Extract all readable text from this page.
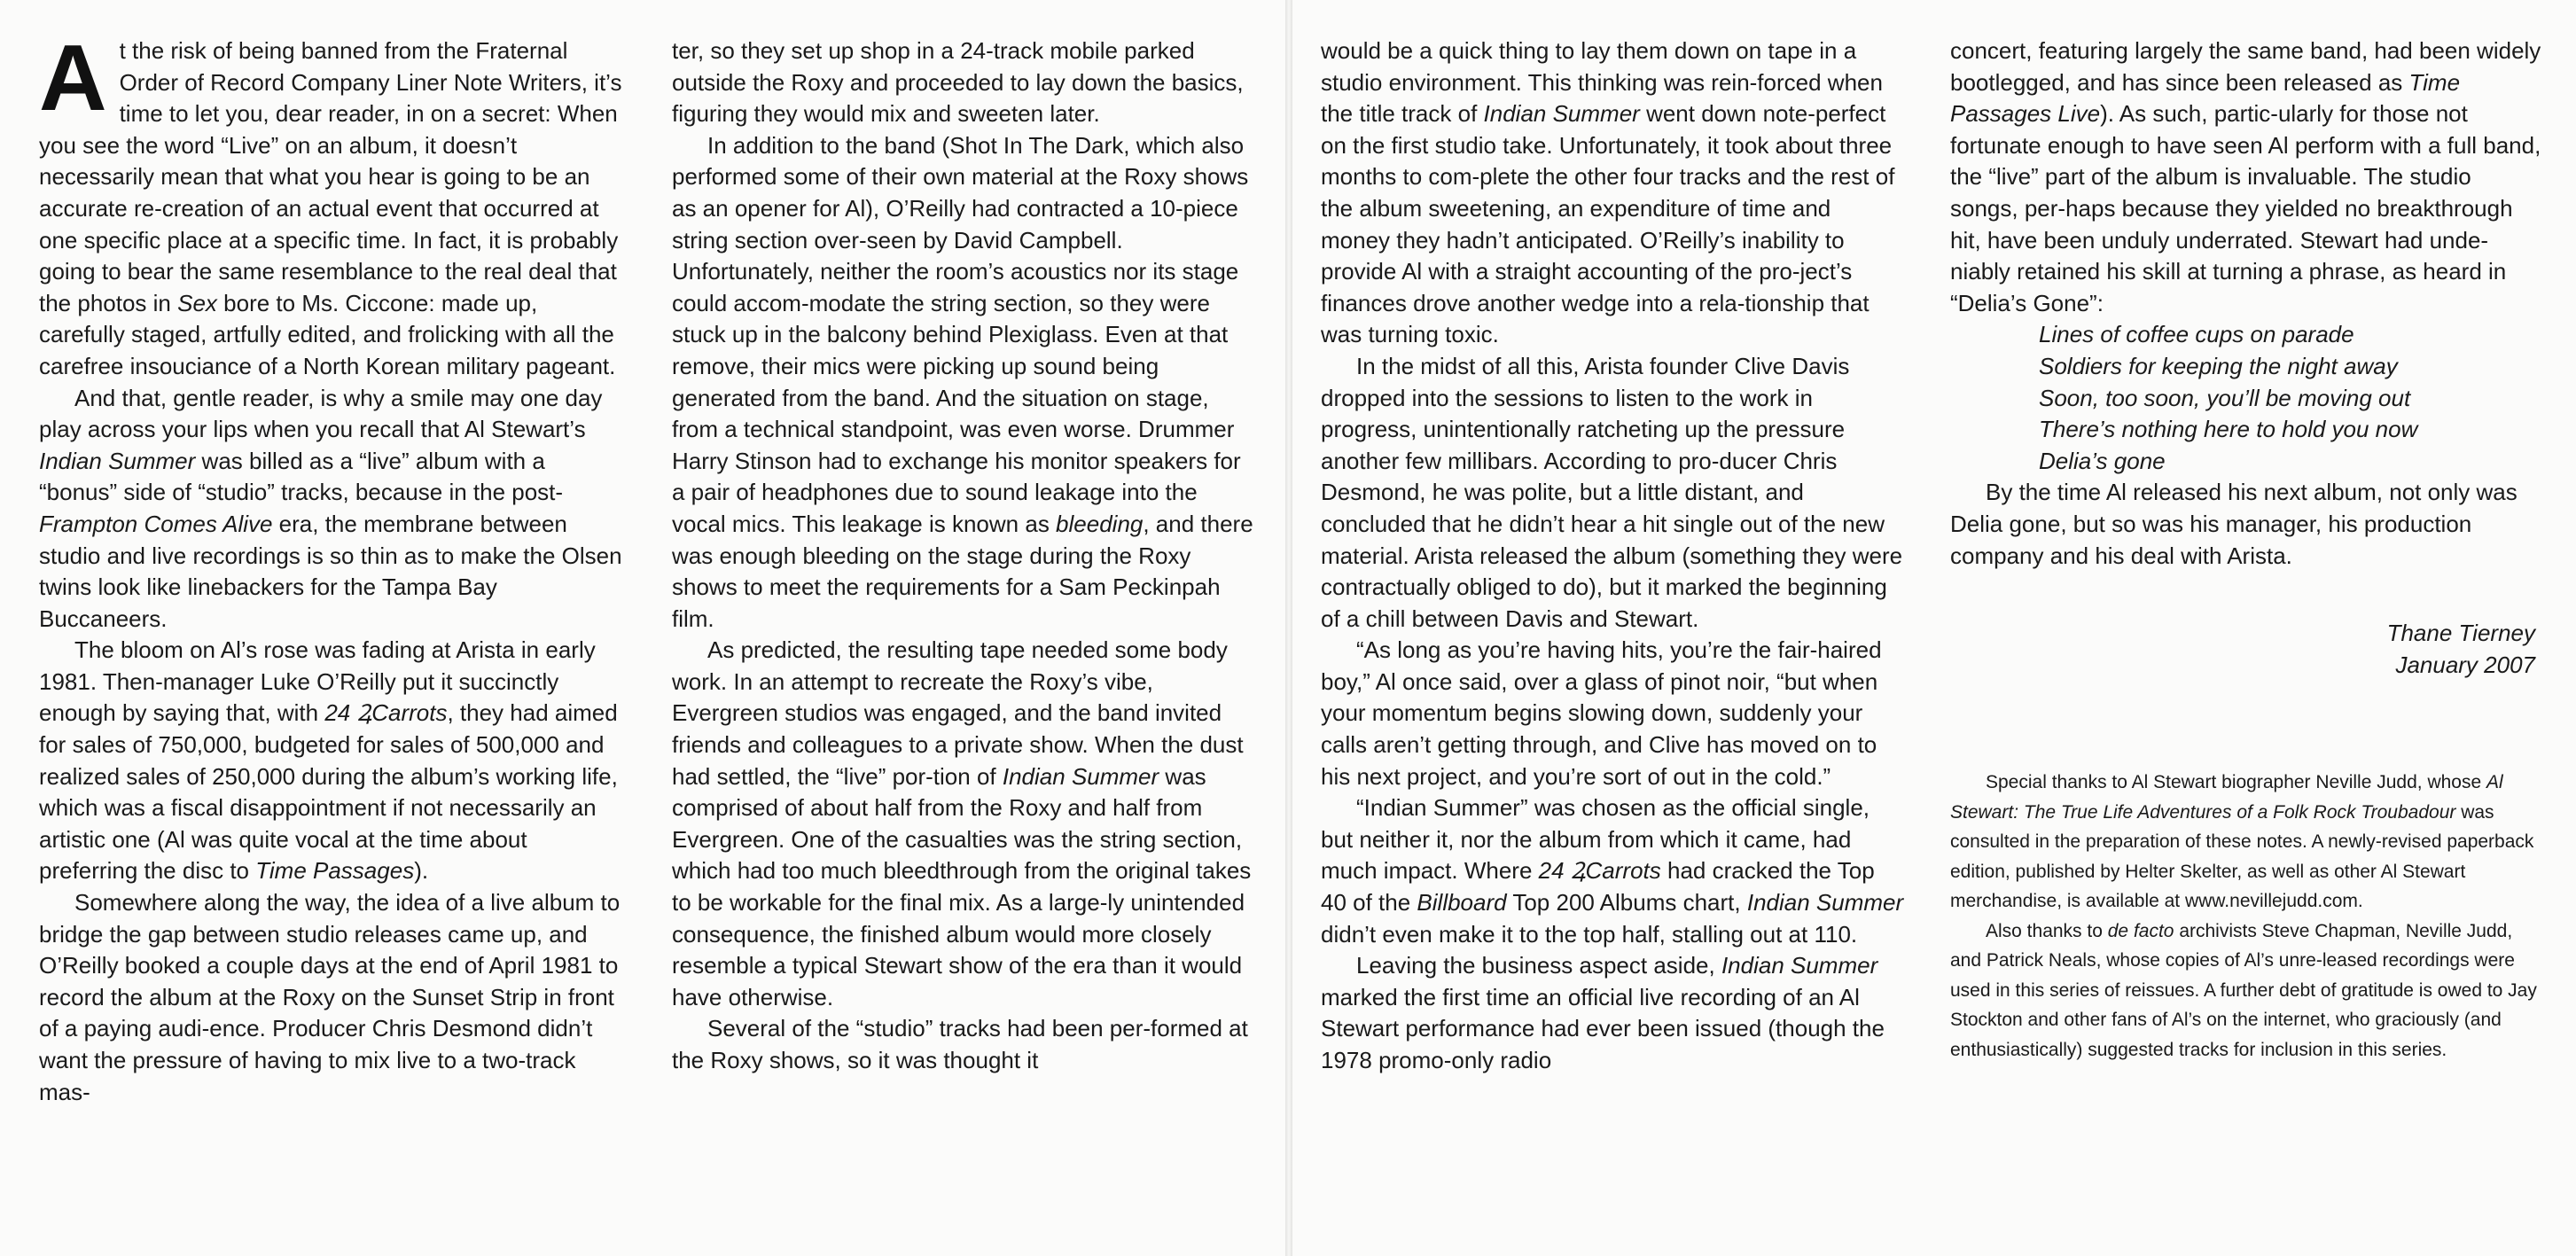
At the risk of being banned from the Fraternal Order of Record Company Liner Note Writers, it’s time to let you, dear reader, in on a secret: When you see the word “Live” on an album, it doesn’t necessarily mean that what you hear is going to be an accurate re-creation of an actual event that occurred at one specific place at a specific time. In fact, it is probably going to bear the same resemblance to the real deal that the photos in Sex bore to Ms. Ciccone: made up, carefully staged, artfully edited, and frolicking with all the carefree insouciance of a North Korean military pageant.

And that, gentle reader, is why a smile may one day play across your lips when you recall that Al Stewart’s Indian Summer was billed as a “live” album with a “bonus” side of “studio” tracks, because in the post-Frampton Comes Alive era, the membrane between studio and live recordings is so thin as to make the Olsen twins look like linebackers for the Tampa Bay Buccaneers.

The bloom on Al’s rose was fading at Arista in early 1981. Then-manager Luke O’Reilly put it succinctly enough by saying that, with 24 ꝜCarrots, they had aimed for sales of 750,000, budgeted for sales of 500,000 and realized sales of 250,000 during the album’s working life, which was a fiscal disappointment if not necessarily an artistic one (Al was quite vocal at the time about preferring the disc to Time Passages).

Somewhere along the way, the idea of a live album to bridge the gap between studio releases came up, and O’Reilly booked a couple days at the end of April 1981 to record the album at the Roxy on the Sunset Strip in front of a paying audi-ence. Producer Chris Desmond didn’t want the pressure of having to mix live to a two-track mas-

ter, so they set up shop in a 24-track mobile parked outside the Roxy and proceeded to lay down the basics, figuring they would mix and sweeten later.

In addition to the band (Shot In The Dark, which also performed some of their own material at the Roxy shows as an opener for Al), O’Reilly had contracted a 10-piece string section over-seen by David Campbell. Unfortunately, neither the room’s acoustics nor its stage could accom-modate the string section, so they were stuck up in the balcony behind Plexiglass. Even at that remove, their mics were picking up sound being generated from the band. And the situation on stage, from a technical standpoint, was even worse. Drummer Harry Stinson had to exchange his monitor speakers for a pair of headphones due to sound leakage into the vocal mics. This leakage is known as bleeding, and there was enough bleeding on the stage during the Roxy shows to meet the requirements for a Sam Peckinpah film.

As predicted, the resulting tape needed some body work. In an attempt to recreate the Roxy’s vibe, Evergreen studios was engaged, and the band invited friends and colleagues to a private show. When the dust had settled, the “live” por-tion of Indian Summer was comprised of about half from the Roxy and half from Evergreen. One of the casualties was the string section, which had too much bleedthrough from the original takes to be workable for the final mix. As a large-ly unintended consequence, the finished album would more closely resemble a typical Stewart show of the era than it would have otherwise.

Several of the “studio” tracks had been per-formed at the Roxy shows, so it was thought it

would be a quick thing to lay them down on tape in a studio environment. This thinking was rein-forced when the title track of Indian Summer went down note-perfect on the first studio take. Unfortunately, it took about three months to com-plete the other four tracks and the rest of the album sweetening, an expenditure of time and money they hadn’t anticipated. O’Reilly’s inability to provide Al with a straight accounting of the pro-ject’s finances drove another wedge into a rela-tionship that was turning toxic.

In the midst of all this, Arista founder Clive Davis dropped into the sessions to listen to the work in progress, unintentionally ratcheting up the pressure another few millibars. According to pro-ducer Chris Desmond, he was polite, but a little distant, and concluded that he didn’t hear a hit single out of the new material. Arista released the album (something they were contractually obliged to do), but it marked the beginning of a chill between Davis and Stewart.

“As long as you’re having hits, you’re the fair-haired boy,” Al once said, over a glass of pinot noir, “but when your momentum begins slowing down, suddenly your calls aren’t getting through, and Clive has moved on to his next project, and you’re sort of out in the cold.”

“Indian Summer” was chosen as the official single, but neither it, nor the album from which it came, had much impact. Where 24 ꝜCarrots had cracked the Top 40 of the Billboard Top 200 Albums chart, Indian Summer didn’t even make it to the top half, stalling out at 110.

Leaving the business aspect aside, Indian Summer marked the first time an official live recording of an Al Stewart performance had ever been issued (though the 1978 promo-only radio

concert, featuring largely the same band, had been widely bootlegged, and has since been released as Time Passages Live). As such, partic-ularly for those not fortunate enough to have seen Al perform with a full band, the “live” part of the album is invaluable. The studio songs, per-haps because they yielded no breakthrough hit, have been unduly underrated. Stewart had unde-niably retained his skill at turning a phrase, as heard in “Delia’s Gone”:

Lines of coffee cups on parade
Soldiers for keeping the night away
Soon, too soon, you’ll be moving out
There’s nothing here to hold you now
Delia’s gone

By the time Al released his next album, not only was Delia gone, but so was his manager, his production company and his deal with Arista.

Thane Tierney
January 2007

Special thanks to Al Stewart biographer Neville Judd, whose Al Stewart: The True Life Adventures of a Folk Rock Troubadour was consulted in the preparation of these notes. A newly-revised paperback edition, published by Helter Skelter, as well as other Al Stewart merchandise, is available at www.nevillejudd.com.

Also thanks to de facto archivists Steve Chapman, Neville Judd, and Patrick Neals, whose copies of Al’s unre-leased recordings were used in this series of reissues. A further debt of gratitude is owed to Jay Stockton and other fans of Al’s on the internet, who graciously (and enthusiastically) suggested tracks for inclusion in this series.
